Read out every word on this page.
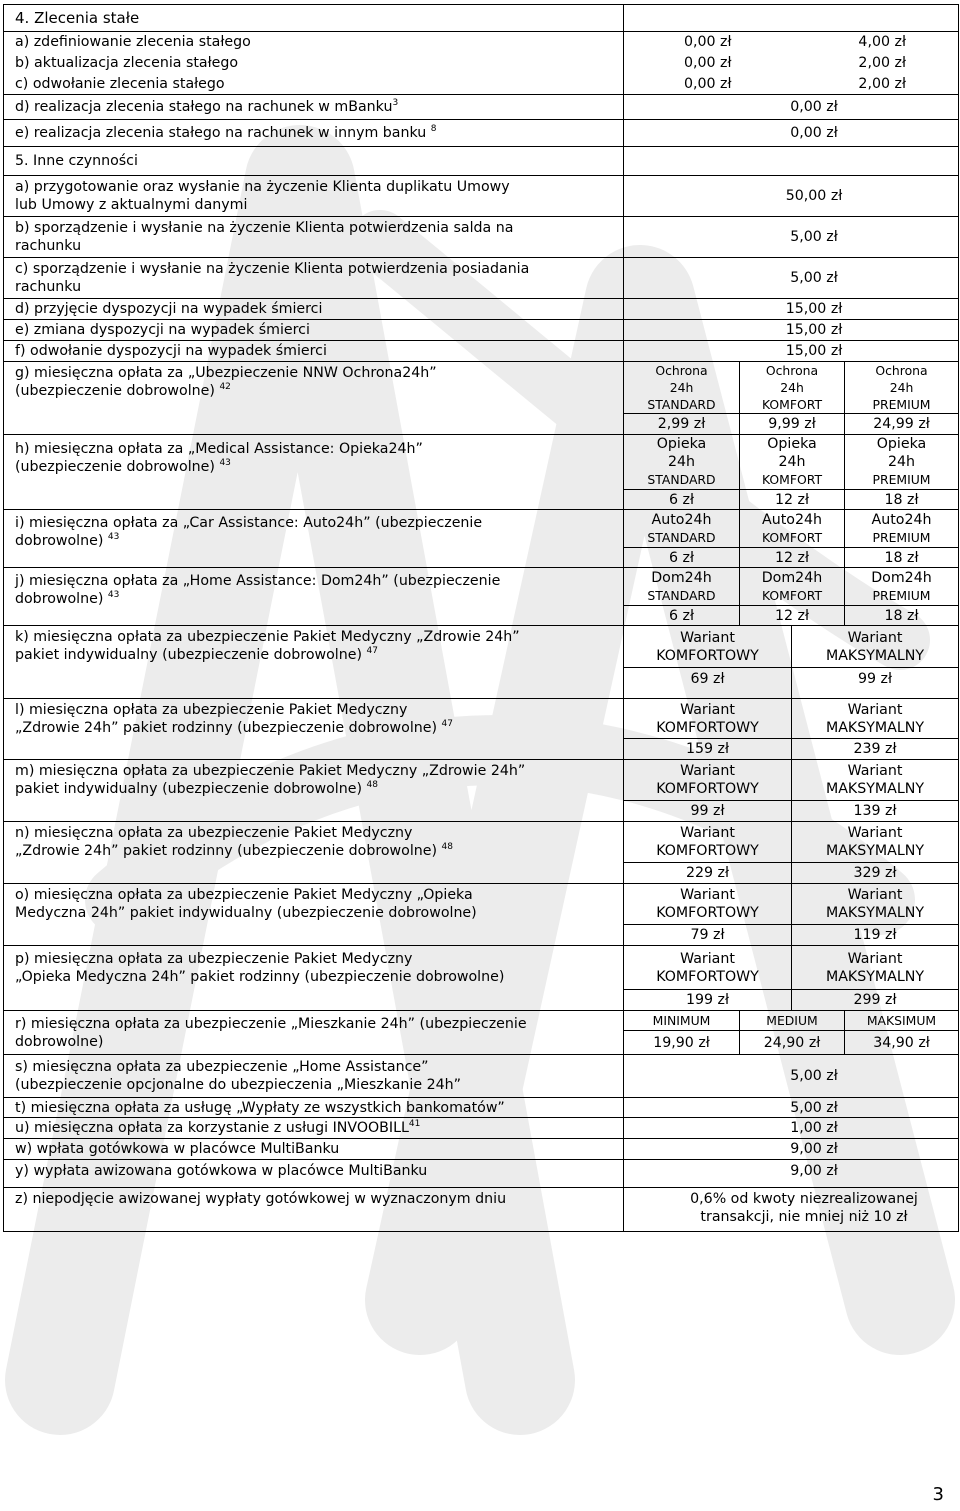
4. Zlecenia stałe				
a) zdefiniowanie zlecenia stałego	0,00 zł		4,00 zł	
b) aktualizacja zlecenia stałego	0,00 zł		2,00 zł	
c) odwołanie zlecenia stałego	0,00 zł		2,00 zł	
d) realizacja zlecenia stałego na rachunek w mBanku$^3$	0,00 zł			
e) realizacja zlecenia stałego na rachunek w innym banku $^8$	0,00 zł			
5. Inne czynności				
a) przygotowanie oraz wysłanie na życzenie Klienta duplikatu Umowy
lub Umowy z aktualnymi danymi	50,00 zł			
b) sporządzenie i wysłanie na życzenie Klienta potwierdzenia salda na
rachunku	5,00 zł			
c) sporządzenie i wysłanie na życzenie Klienta potwierdzenia posiadania
rachunku	5,00 zł			
d) przyjęcie dyspozycji na wypadek śmierci	15,00 zł			
e) zmiana dyspozycji na wypadek śmierci	15,00 zł			
f) odwołanie dyspozycji na wypadek śmierci	15,00 zł			
g) miesięczna opłata za „Ubezpieczenie NNW Ochrona24h”
(ubezpieczenie dobrowolne) $^{42}$	Ochrona
24h
STANDARD	Ochrona
24h
KOMFORT		Ochrona
24h
PREMIUM
	2,99 zł	9,99 zł		24,99 zł
h) miesięczna opłata za „Medical Assistance: Opieka24h”
(ubezpieczenie dobrowolne) $^{43}$	Opieka
24h
STANDARD	Opieka
24h
KOMFORT		Opieka
24h
PREMIUM
	6 zł	12 zł		18 zł
i) miesięczna opłata za „Car Assistance: Auto24h” (ubezpieczenie
dobrowolne) $^{43}$	Auto24h
STANDARD	Auto24h
KOMFORT		Auto24h
PREMIUM
	6 zł	12 zł		18 zł
j) miesięczna opłata za „Home Assistance: Dom24h” (ubezpieczenie
dobrowolne) $^{43}$	Dom24h
STANDARD	Dom24h
KOMFORT		Dom24h
PREMIUM
	6 zł	12 zł		18 zł
k) miesięczna opłata za ubezpieczenie Pakiet Medyczny „Zdrowie 24h”
pakiet indywidualny (ubezpieczenie dobrowolne) $^{47}$	Wariant
KOMFORTOWY		Wariant
MAKSYMALNY	
	69 zł		99 zł	
l) miesięczna opłata za ubezpieczenie Pakiet Medyczny
„Zdrowie 24h” pakiet rodzinny (ubezpieczenie dobrowolne) $^{47}$	Wariant
KOMFORTOWY		Wariant
MAKSYMALNY	
	159 zł		239 zł	
m) miesięczna opłata za ubezpieczenie Pakiet Medyczny „Zdrowie 24h”
pakiet indywidualny (ubezpieczenie dobrowolne) $^{48}$	Wariant
KOMFORTOWY		Wariant
MAKSYMALNY	
	99 zł		139 zł	
n) miesięczna opłata za ubezpieczenie Pakiet Medyczny
„Zdrowie 24h” pakiet rodzinny (ubezpieczenie dobrowolne) $^{48}$	Wariant
KOMFORTOWY		Wariant
MAKSYMALNY	
	229 zł		329 zł	
o) miesięczna opłata za ubezpieczenie Pakiet Medyczny „Opieka
Medyczna 24h” pakiet indywidualny (ubezpieczenie dobrowolne)	Wariant
KOMFORTOWY		Wariant
MAKSYMALNY	
	79 zł		119 zł	
p) miesięczna opłata za ubezpieczenie Pakiet Medyczny
„Opieka Medyczna 24h” pakiet rodzinny (ubezpieczenie dobrowolne)	Wariant
KOMFORTOWY		Wariant
MAKSYMALNY	
	199 zł		299 zł	
r) miesięczna opłata za ubezpieczenie „Mieszkanie 24h” (ubezpieczenie
dobrowolne)	MINIMUM	MEDIUM		MAKSIMUM
	19,90 zł	24,90 zł		34,90 zł
s) miesięczna opłata za ubezpieczenie „Home Assistance”
(ubezpieczenie opcjonalne do ubezpieczenia „Mieszkanie 24h”	5,00 zł			
t) miesięczna opłata za usługę „Wypłaty ze wszystkich bankomatów”	5,00 zł			
u) miesięczna opłata za korzystanie z usługi INVOOBILL$^{41}$	1,00 zł			
w) wpłata gotówkowa w placówce MultiBanku	9,00 zł			
y) wypłata awizowana gotówkowa w placówce MultiBanku	9,00 zł			
z) niepodjęcie awizowanej wypłaty gotówkowej w wyznaczonym dniu	0,6% od kwoty niezrealizowanej
transakcji, nie mniej niż 10 zł			
3
